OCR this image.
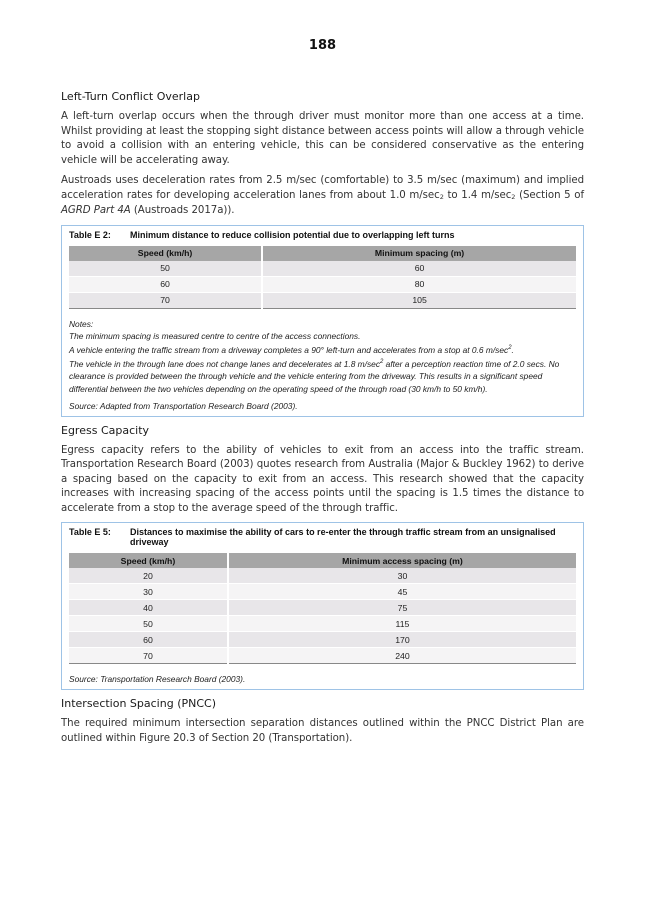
188
Left-Turn Conflict Overlap

A left-turn overlap occurs when the through driver must monitor more than one access at a time. Whilst providing at least the stopping sight distance between access points will allow a through vehicle to avoid a collision with an entering vehicle, this can be considered conservative as the entering vehicle will be accelerating away.

Austroads uses deceleration rates from 2.5 m/sec (comfortable) to 3.5 m/sec (maximum) and implied acceleration rates for developing acceleration lanes from about 1.0 $m/\sec_2$ to 1.4 $m/\sec_2$ (Section 5 of AGRD Part 4A (Austroads 2017a)).

Table E 2:	Minimum distance to reduce collision potential due to overlapping left turns
Speed (km/h)	Minimum spacing (m)
50	60
60	80
70	105
Notes:
The minimum spacing is measured centre to centre of the access connections.
A vehicle entering the traffic stream from a driveway completes a 90° left-turn and accelerates from a stop at 0.6 $m/\sec^2$.
The vehicle in the through lane does not change lanes and decelerates at 1.8 $m/\sec^2$ after a perception reaction time of 2.0 secs. No clearance is provided between the through vehicle and the vehicle entering from the driveway. This results in a significant speed differential between the two vehicles depending on the operating speed of the through road (30 km/h to 50 km/h).
Source: Adapted from Transportation Research Board (2003).
Egress Capacity

Egress capacity refers to the ability of vehicles to exit from an access into the traffic stream. Transportation Research Board (2003) quotes research from Australia (Major & Buckley 1962) to derive a spacing based on the capacity to exit from an access. This research showed that the capacity increases with increasing spacing of the access points until the spacing is 1.5 times the distance to accelerate from a stop to the average speed of the through traffic.

Table E 5:	Distances to maximise the ability of cars to re-enter the through traffic stream from an unsignalised driveway
Speed (km/h)	Minimum access spacing (m)
20	30
30	45
40	75
50	115
60	170
70	240
Source: Transportation Research Board (2003).
Intersection Spacing (PNCC)

The required minimum intersection separation distances outlined within the PNCC District Plan are outlined within Figure 20.3 of Section 20 (Transportation).
